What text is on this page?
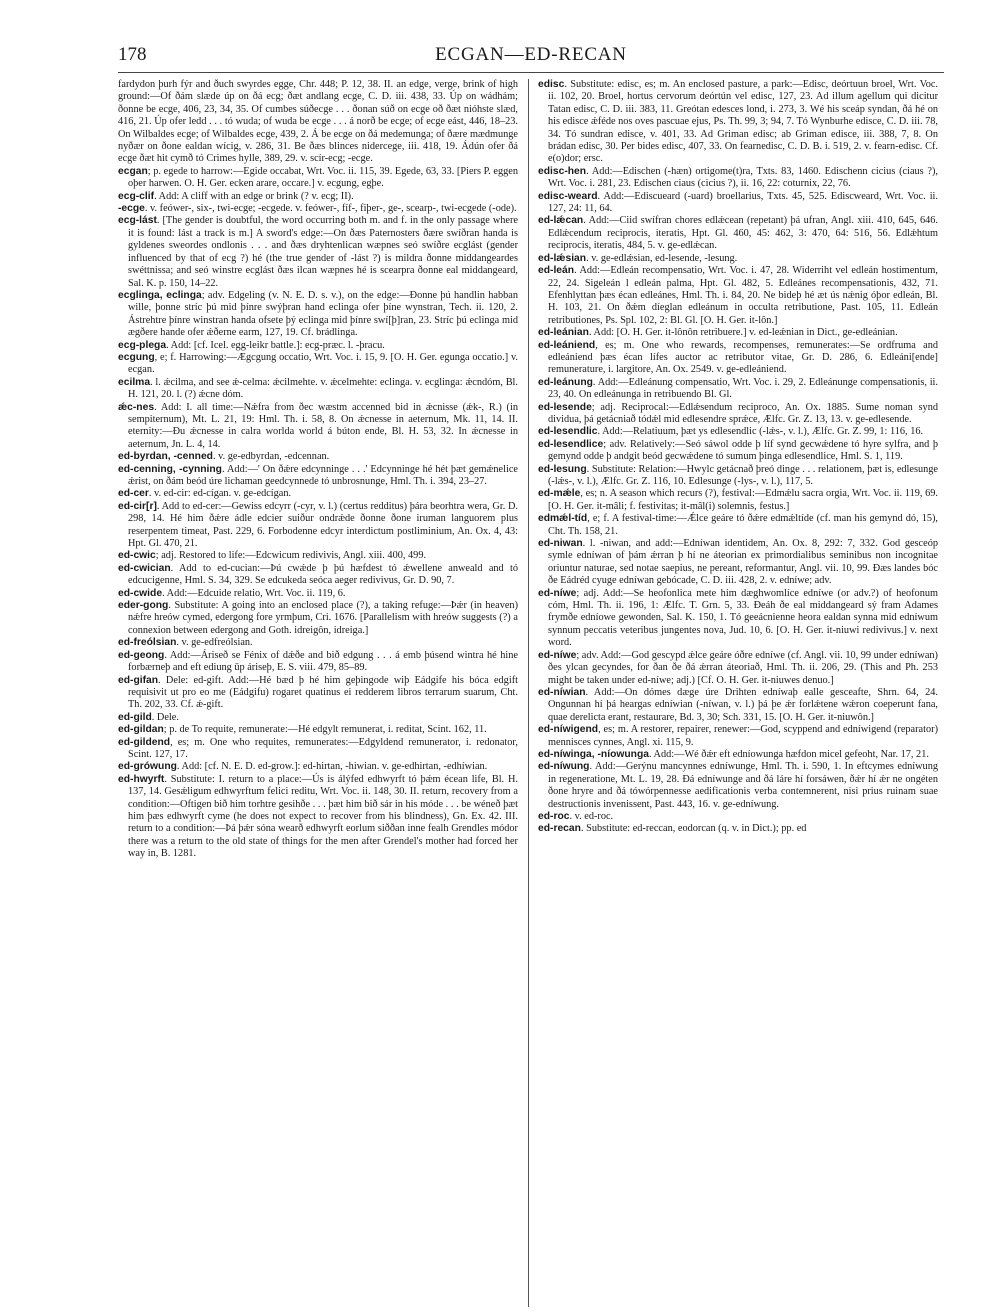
178	ECGAN—ED-RECAN

fardydon þurh fýr and ðuch swyrdes egge, Chr. 448; P. 12, 38. II. an edge, verge, brink of high ground:—Of ðám slæde úp on ðá ecg; ðæt andlang ecge, C. D. iii. 438, 33. Úp on wádhám; ðonne be ecge, 406, 23, 34, 35. Of cumbes súðecge . . . ðonan súð on ecge oð ðæt nióhste slæd, 416, 21. Úp ofer ledd . . . tó wuda; of wuda be ecge . . . á norð be ecge; of ecge eást, 446, 18–23. On Wilbaldes ecge; of Wilbaldes ecge, 439, 2. Á be ecge on ðá medemunga; of ðære mædmunge nyðær on ðone ealdan wícig, v. 286, 31. Be ðæs blinces nidercege, iii. 418, 19. Ádún ofer ðá ecge ðæt hit cymð tó Crimes hylle, 389, 29. v. scír-ecg; -ecge.

ecgan; p. egede to harrow:—Egide occabat, Wrt. Voc. ii. 115, 39. Egede, 63, 33. [Piers P. eggen oþer harwen. O. H. Ger. ecken arare, occare.] v. ecgung, egþe.

ecg-clif. Add: A cliff with an edge or brink (? v. ecg; II).

-ecge. v. feówer-, six-, twi-ecge; -ecgede. v. feówer-, fíf-, fiþer-, ge-, scearp-, twi-ecgede (-ode).

ecg-lást. [The gender is doubtful, the word occurring both m. and f. in the only passage where it is found: lást a track is m.] A sword's edge:—On ðæs Paternosters ðære swíðran handa is gyldenes sweordes ondlonis . . . and ðæs dryhtenlican wæpnes seó swíðre ecglást (gender influenced by that of ecg ?) hé (the true gender of -lást ?) is mildra ðonne middangeardes swéttnissa; and seó winstre ecglást ðæs ilcan wæpnes hé is scearpra ðonne eal middangeard, Sal. K. p. 150, 14–22.

ecglinga, eclinga; adv. Edgeling (v. N. E. D. s. v.), on the edge:—Ðonne þú handlin habban wille, þonne stríc þú mid þínre swýþran hand eclinga ofer þíne wynstran, Tech. ii. 120, 2. Ástrehtre þínre winstran handa ofsete þý eclinga mid þínre swí[þ]ran, 23. Stríc þú eclinga mid ægðere hande ofer ǽðerne earm, 127, 19. Cf. brádlinga.

ecg-plega. Add: [cf. Icel. egg-leikr battle.]: ecg-præc. l. -þracu.

ecgung, e; f. Harrowing:—Ægcgung occatio, Wrt. Voc. i. 15, 9. [O. H. Ger. egunga occatio.] v. ecgan.

ecilma. l. ǽcilma, and see ǽ-celma: ǽcilmehte. v. ǽcelmehte: eclinga. v. ecglinga: ǽcndóm, Bl. H. 121, 20. l. (?) ǽcne dóm.

ǽc-nes. Add: I. all time:—Nǽfra from ðec wæstm accenned bid in ǽcnisse (ǽk-, R.) (in sempiternum), Mt. L. 21, 19: Hml. Th. i. 58, 8. On ǽcnesse in aeternum, Mk. 11, 14. II. eternity:—Ðu ǽcnesse in calra worlda world á búton ende, Bl. H. 53, 32. In ǽcnesse in aeternum, Jn. L. 4, 14.

ed-byrdan, -cenned. v. ge-edbyrdan, -edcennan.

ed-cenning, -cynning. Add:—' On ðǽre edcynninge . . .' Edcynninge hé hét þæt gemǽnelice ǽrist, on ðám beód úre lichaman geedcynnede tó unbrosnunge, Hml. Th. i. 394, 23–27.

ed-cer. v. ed-cir: ed-cígan. v. ge-edcígan.

ed-cir[r]. Add to ed-cer:—Gewiss edcyrr (-cyr, v. l.) (certus redditus) þára beorhtra wera, Gr. D. 298, 14. Hé him ðǽre ádle edcier suiður ondrǽde ðonne ðone iruman languorem plus reserpentem timeat, Past. 229, 6. Forbodenne edcyr interdictum postliminium, An. Ox. 4, 43: Hpt. Gl. 470, 21.

ed-cwic; adj. Restored to life:—Edcwicum redivivis, Angl. xiii. 400, 499.

ed-cwician. Add to ed-cucian:—Þú cwǽde þ þú hæfdest tó ǽwellene anweald and tó edcucigenne, Hml. S. 34, 329. Se edcukeda seóca aeger redivivus, Gr. D. 90, 7.

ed-cwide. Add:—Edcuide relatio, Wrt. Voc. ii. 119, 6.

eder-gong. Substitute: A going into an enclosed place (?), a taking refuge:—Þǽr (in heaven) nǽfre hreów cymed, edergong fore yrmþum, Cri. 1676. [Parallelism with hreów suggests (?) a connexion between edergong and Goth. idreigôn, idreiga.]

ed-freólsian. v. ge-edfreólsian.

ed-geong. Add:—Áriseð se Fénix of dǽðe and bið edgung . . . á emb þúsend wintra hé hine forbærneþ and eft ediung ūp áriseþ, E. S. viii. 479, 85–89.

ed-gifan. Dele: ed-gift. Add:—Hé bæd þ hé him geþingode wiþ Eádgife his bóca edgift requisivit ut pro eo me (Eádgifu) rogaret quatinus ei redderem libros terrarum suarum, Cht. Th. 202, 33. Cf. ǽ-gift.

ed-gild. Dele.

ed-gildan; p. de To requite, remunerate:—Hé edgylt remunerat, i. reditat, Scint. 162, 11.

ed-gildend, es; m. One who requites, remunerates:—Edgyldend remunerator, i. redonator, Scint. 127, 17.

ed-grówung. Add: [cf. N. E. D. ed-grow.]: ed-hirtan, -hiwian. v. ge-edhirtan, -edhíwian.

ed-hwyrft. Substitute: I. return to a place:—Ús is álýfed edhwyrft tó þǽm écean life, Bl. H. 137, 14. Gesǽligum edhwyrftum felici reditu, Wrt. Voc. ii. 148, 30. II. return, recovery from a condition:—Oftigen bið him torhtre gesihðe . . . þæt him bið sár in his móde . . . be wéneð þæt him þæs edhwyrft cyme (he does not expect to recover from his blindness), Gn. Ex. 42. III. return to a condition:—Þá þǽr sóna wearð edhwyrft eorlum siððan inne fealh Grendles módor there was a return to the old state of things for the men after Grendel's mother had forced her way in, B. 1281.

edisc. Substitute: edisc, es; m. An enclosed pasture, a park:—Edisc, deórtuun broel, Wrt. Voc. ii. 102, 20. Broel, hortus cervorum deórtún vel edisc, 127, 23. Ad illum agellum qui dicitur Tatan edisc, C. D. iii. 383, 11. Greótan edesces lond, i. 273, 3. Wé his sceáp syndan, ðá hé on his edisce ǽféde nos oves pascuae ejus, Ps. Th. 99, 3; 94, 7. Tó Wynburhe edisce, C. D. iii. 78, 34. Tó sundran edisce, v. 401, 33. Ad Griman edisc; ab Griman edisce, iii. 388, 7, 8. On brádan edisc, 30. Per bides edisc, 407, 33. On fearnedisc, C. D. B. i. 519, 2. v. fearn-edisc. Cf. e(o)dor; ersc.

edisc-hen. Add:—Edischen (-hæn) ortigome(t)ra, Txts. 83, 1460. Edischenn cicius (ciaus ?), Wrt. Voc. i. 281, 23. Edischen ciaus (cicius ?), ii. 16, 22: coturnix, 22, 76.

edisc-weard. Add:—Ediscueard (-uard) broellarius, Txts. 45, 525. Ediscweard, Wrt. Voc. ii. 127, 24: 11, 64.

ed-lǽcan. Add:—Ciid swífran chores edlǽcean (repetant) þá ufran, Angl. xiii. 410, 645, 646. Edlǽcendum reciprocis, iteratis, Hpt. Gl. 460, 45: 462, 3: 470, 64: 516, 56. Edlǽhtum reciprocis, iteratis, 484, 5. v. ge-edlǽcan.

ed-lǽsian. v. ge-edlǽsian, ed-lesende, -lesung.

ed-leán. Add:—Edleán recompensatio, Wrt. Voc. i. 47, 28. Widerriht vel edleán hostimentum, 22, 24. Sigeleán l edleán palma, Hpt. Gl. 482, 5. Edleánes recompensationis, 432, 71. Efenhlyttan þæs écan edleánes, Hml. Th. i. 84, 20. Ne bideþ hé æt ús nǽnig óþor edleán, Bl. H. 103, 21. On ðǽm díeglan edleánum in occulta retributione, Past. 105, 11. Edleán retributiones, Ps. Spl. 102, 2: Bl. Gl. [O. H. Ger. it-lôn.]

ed-leánian. Add: [O. H. Ger. it-lônôn retribuere.] v. ed-leǽnian in Dict., ge-edleánian.

ed-leániend, es; m. One who rewards, recompenses, remunerates:—Se ordfruma and edleániend þæs écan lífes auctor ac retributor vitae, Gr. D. 286, 6. Edleáni[ende] remunerature, i. largitore, An. Ox. 2549. v. ge-edleániend.

ed-leánung. Add:—Edleánung compensatio, Wrt. Voc. i. 29, 2. Edleánunge compensationis, ii. 23, 40. On edleánunga in retribuendo Bl. Gl.

ed-lesende; adj. Reciprocal:—Edlǽsendum reciproco, An. Ox. 1885. Sume noman synd dividua, þá getácniað tódǽl mid edlesendre sprǽce, Ælfc. Gr. Z. 13, 13. v. ge-edlesende.

ed-lesendlic. Add:—Relatiuum, þæt ys edlesendlic (-lǽs-, v. l.), Ælfc. Gr. Z. 99, 1: 116, 16.

ed-lesendlice; adv. Relatively:—Seó sáwol odde þ líf synd gecwǽdene tó hyre sylfra, and þ gemynd odde þ andgit beód gecwǽdene tó sumum þinga edlesendlice, Hml. S. 1, 119.

ed-lesung. Substitute: Relation:—Hwylc getácnað þreó dinge . . . relationem, þæt is, edlesunge (-lǽs-, v. l.), Ælfc. Gr. Z. 116, 10. Edlesunge (-lys-, v. l.), 117, 5.

ed-mǽle, es; n. A season which recurs (?), festival:—Edmǽlu sacra orgia, Wrt. Voc. ii. 119, 69. [O. H. Ger. it-mâli; f. festivitas; it-mâl(i) solemnis, festus.]

edmǽl-tíd, e; f. A festival-time:—Ǽlce geáre tó ðǽre edmǽltíde (cf. man his gemynd dó, 15), Cht. Th. 158, 21.

ed-niwan. l. -niwan, and add:—Edníwan identidem, An. Ox. 8, 292: 7, 332. God gesceóp symle edníwan of þám ǽrran þ hí ne áteorian ex primordialibus seminibus non incognitae oriuntur naturae, sed notae saepius, ne pereant, reformantur, Angl. vii. 10, 99. Ðæs landes bóc ðe Eádréd cyuge edníwan gebócade, C. D. iii. 428, 2. v. edníwe; adv.

ed-níwe; adj. Add:—Se heofonlica mete him dæghwomlíce edníwe (or adv.?) of heofonum cóm, Hml. Th. ii. 196, 1: Ælfc. T. Grn. 5, 33. Ðeáh ðe eal middangeard sý fram Adames frymðe edníowe gewonden, Sal. K. 150, 1. Tó geeácnienne heora ealdan synna mid edníwum synnum peccatis veteribus jungentes nova, Jud. 10, 6. [O. H. Ger. it-niuwi redivivus.] v. next word.

ed-níwe; adv. Add:—God gescypd ǽlce geáre óðre edníwe (cf. Angl. vii. 10, 99 under edníwan) ðes ylcan gecyndes, for ðan ðe ðá ǽrran áteoriað, Hml. Th. ii. 206, 29. (This and Ph. 253 might be taken under ed-níwe; adj.) [Cf. O. H. Ger. it-niuwes denuo.]

ed-níwian. Add:—On dómes dæge úre Drihten edníwaþ ealle gesceafte, Shrn. 64, 24. Ongunnan hí þá heargas edníwian (-níwan, v. l.) þá þe ǽr forlǽtene wǽron coeperunt fana, quae derelicta erant, restaurare, Bd. 3, 30; Sch. 331, 15. [O. H. Ger. it-niuwôn.]

ed-níwigend, es; m. A restorer, repairer, renewer:—God, scyppend and edníwigend (reparator) mennisces cynnes, Angl. xi. 115, 9.

ed-níwinga, -níowunga. Add:—Wé ðǽr eft edníowunga hæfdon micel gefeoht, Nar. 17, 21.

ed-níwung. Add:—Gerýnu mancynnes edníwunge, Hml. Th. i. 590, 1. In eftcymes edníwung in regeneratione, Mt. L. 19, 28. Ðá edníwunge and ðá láre hí forsáwen, ðǽr hí ǽr ne ongéten ðone hryre and ðá tówórpennesse aedificationis verba contemnerent, nisi prius ruinam suae destructionis invenissent, Past. 443, 16. v. ge-edníwung.

ed-roc. v. ed-roc.

ed-recan. Substitute: ed-reccan, eodorcan (q. v. in Dict.); pp. ed
